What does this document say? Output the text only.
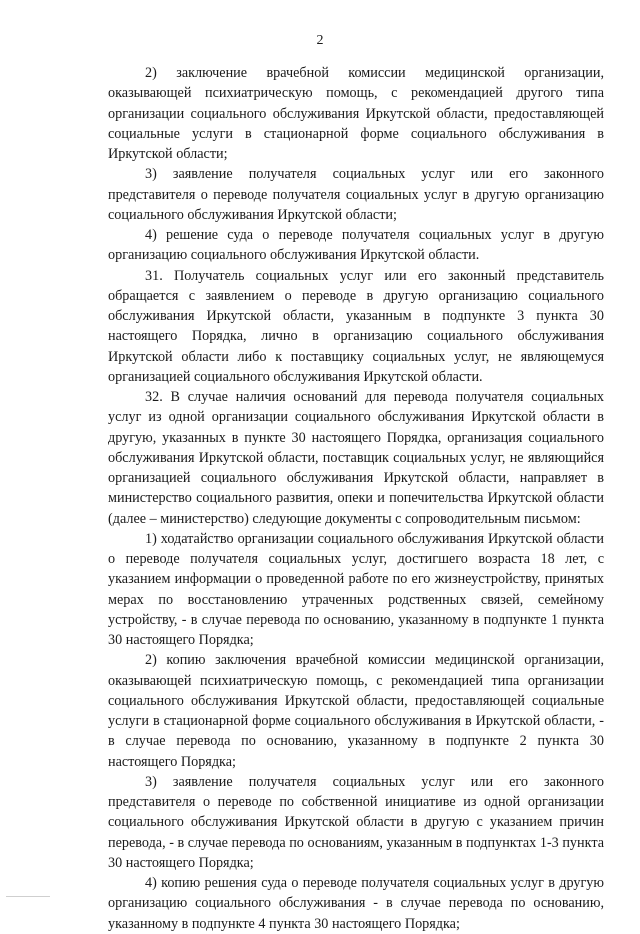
2

2) заключение врачебной комиссии медицинской организации, оказывающей психиатрическую помощь, с рекомендацией другого типа организации социального обслуживания Иркутской области, предоставляющей социальные услуги в стационарной форме социального обслуживания в Иркутской области;

3) заявление получателя социальных услуг или его законного представителя о переводе получателя социальных услуг в другую организацию социального обслуживания Иркутской области;

4) решение суда о переводе получателя социальных услуг в другую организацию социального обслуживания Иркутской области.

31. Получатель социальных услуг или его законный представитель обращается с заявлением о переводе в другую организацию социального обслуживания Иркутской области, указанным в подпункте 3 пункта 30 настоящего Порядка, лично в организацию социального обслуживания Иркутской области либо к поставщику социальных услуг, не являющемуся организацией социального обслуживания Иркутской области.

32. В случае наличия оснований для перевода получателя социальных услуг из одной организации социального обслуживания Иркутской области в другую, указанных в пункте 30 настоящего Порядка, организация социального обслуживания Иркутской области, поставщик социальных услуг, не являющийся организацией социального обслуживания Иркутской области, направляет в министерство социального развития, опеки и попечительства Иркутской области (далее – министерство) следующие документы с сопроводительным письмом:

1) ходатайство организации социального обслуживания Иркутской области о переводе получателя социальных услуг, достигшего возраста 18 лет, с указанием информации о проведенной работе по его жизнеустройству, принятых мерах по восстановлению утраченных родственных связей, семейному устройству, - в случае перевода по основанию, указанному в подпункте 1 пункта 30 настоящего Порядка;

2) копию заключения врачебной комиссии медицинской организации, оказывающей психиатрическую помощь, с рекомендацией типа организации социального обслуживания Иркутской области, предоставляющей социальные услуги в стационарной форме социального обслуживания в Иркутской области, - в случае перевода по основанию, указанному в подпункте 2 пункта 30 настоящего Порядка;

3) заявление получателя социальных услуг или его законного представителя о переводе по собственной инициативе из одной организации социального обслуживания Иркутской области в другую с указанием причин перевода, - в случае перевода по основаниям, указанным в подпунктах 1-3 пункта 30 настоящего Порядка;

4) копию решения суда о переводе получателя социальных услуг в другую организацию социального обслуживания - в случае перевода по основанию, указанному в подпункте 4 пункта 30 настоящего Порядка;
